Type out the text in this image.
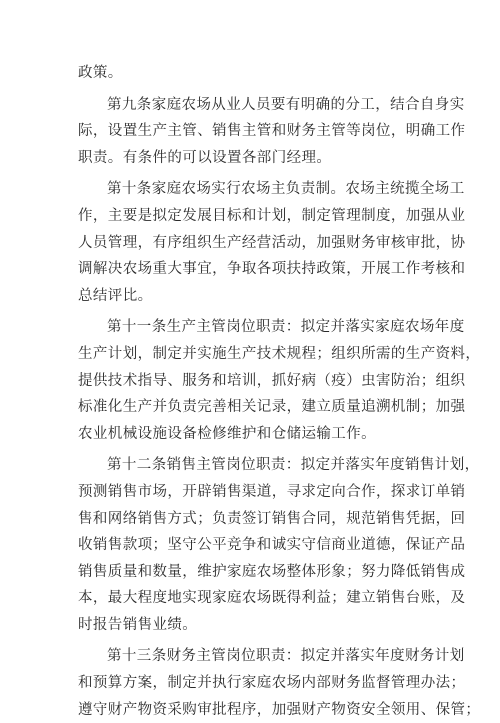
政策。
第九条家庭农场从业人员要有明确的分工，结合自身实
际，设置生产主管、销售主管和财务主管等岗位，明确工作
职责。有条件的可以设置各部门经理。
第十条家庭农场实行农场主负责制。农场主统揽全场工
作，主要是拟定发展目标和计划，制定管理制度，加强从业
人员管理，有序组织生产经营活动，加强财务审核审批，协
调解决农场重大事宜，争取各项扶持政策，开展工作考核和
总结评比。
第十一条生产主管岗位职责：拟定并落实家庭农场年度
生产计划，制定并实施生产技术规程；组织所需的生产资料，
提供技术指导、服务和培训，抓好病（疫）虫害防治；组织
标准化生产并负责完善相关记录，建立质量追溯机制；加强
农业机械设施设备检修维护和仓储运输工作。
第十二条销售主管岗位职责：拟定并落实年度销售计划，
预测销售市场，开辟销售渠道，寻求定向合作，探求订单销
售和网络销售方式；负责签订销售合同，规范销售凭据，回
收销售款项；坚守公平竞争和诚实守信商业道德，保证产品
销售质量和数量，维护家庭农场整体形象；努力降低销售成
本，最大程度地实现家庭农场既得利益；建立销售台账，及
时报告销售业绩。
第十三条财务主管岗位职责：拟定并落实年度财务计划
和预算方案，制定并执行家庭农场内部财务监督管理办法；
遵守财产物资采购审批程序，加强财产物资安全领用、保管；
